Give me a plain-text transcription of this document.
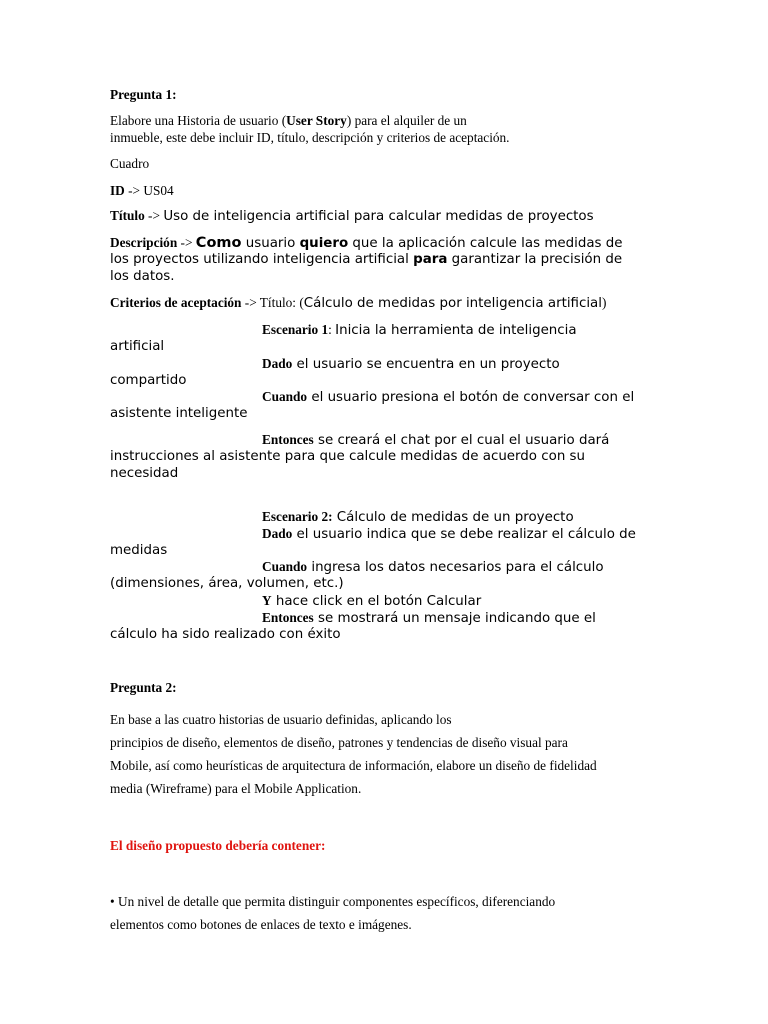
Pregunta 1:
Elabore una Historia de usuario (User Story) para el alquiler de un
inmueble, este debe incluir ID, título, descripción y criterios de aceptación.
Cuadro
ID -> US04
Título -> Uso de inteligencia artificial para calcular medidas de proyectos
Descripción -> Como usuario quiero que la aplicación calcule las medidas de
los proyectos utilizando inteligencia artificial para garantizar la precisión de
los datos.
Criterios de aceptación -> Título: (Cálculo de medidas por inteligencia artificial)
Escenario 1: Inicia la herramienta de inteligencia
artificial
Dado el usuario se encuentra en un proyecto
compartido
Cuando el usuario presiona el botón de conversar con el
asistente inteligente
Entonces se creará el chat por el cual el usuario dará
instrucciones al asistente para que calcule medidas de acuerdo con su
necesidad
Escenario 2: Cálculo de medidas de un proyecto
Dado el usuario indica que se debe realizar el cálculo de
medidas
Cuando ingresa los datos necesarios para el cálculo
(dimensiones, área, volumen, etc.)
Y hace click en el botón Calcular
Entonces se mostrará un mensaje indicando que el
cálculo ha sido realizado con éxito
Pregunta 2:
En base a las cuatro historias de usuario definidas, aplicando los
principios de diseño, elementos de diseño, patrones y tendencias de diseño visual para
Mobile, así como heurísticas de arquitectura de información, elabore un diseño de fidelidad
media (Wireframe) para el Mobile Application.
El diseño propuesto debería contener:
• Un nivel de detalle que permita distinguir componentes específicos, diferenciando
elementos como botones de enlaces de texto e imágenes.
